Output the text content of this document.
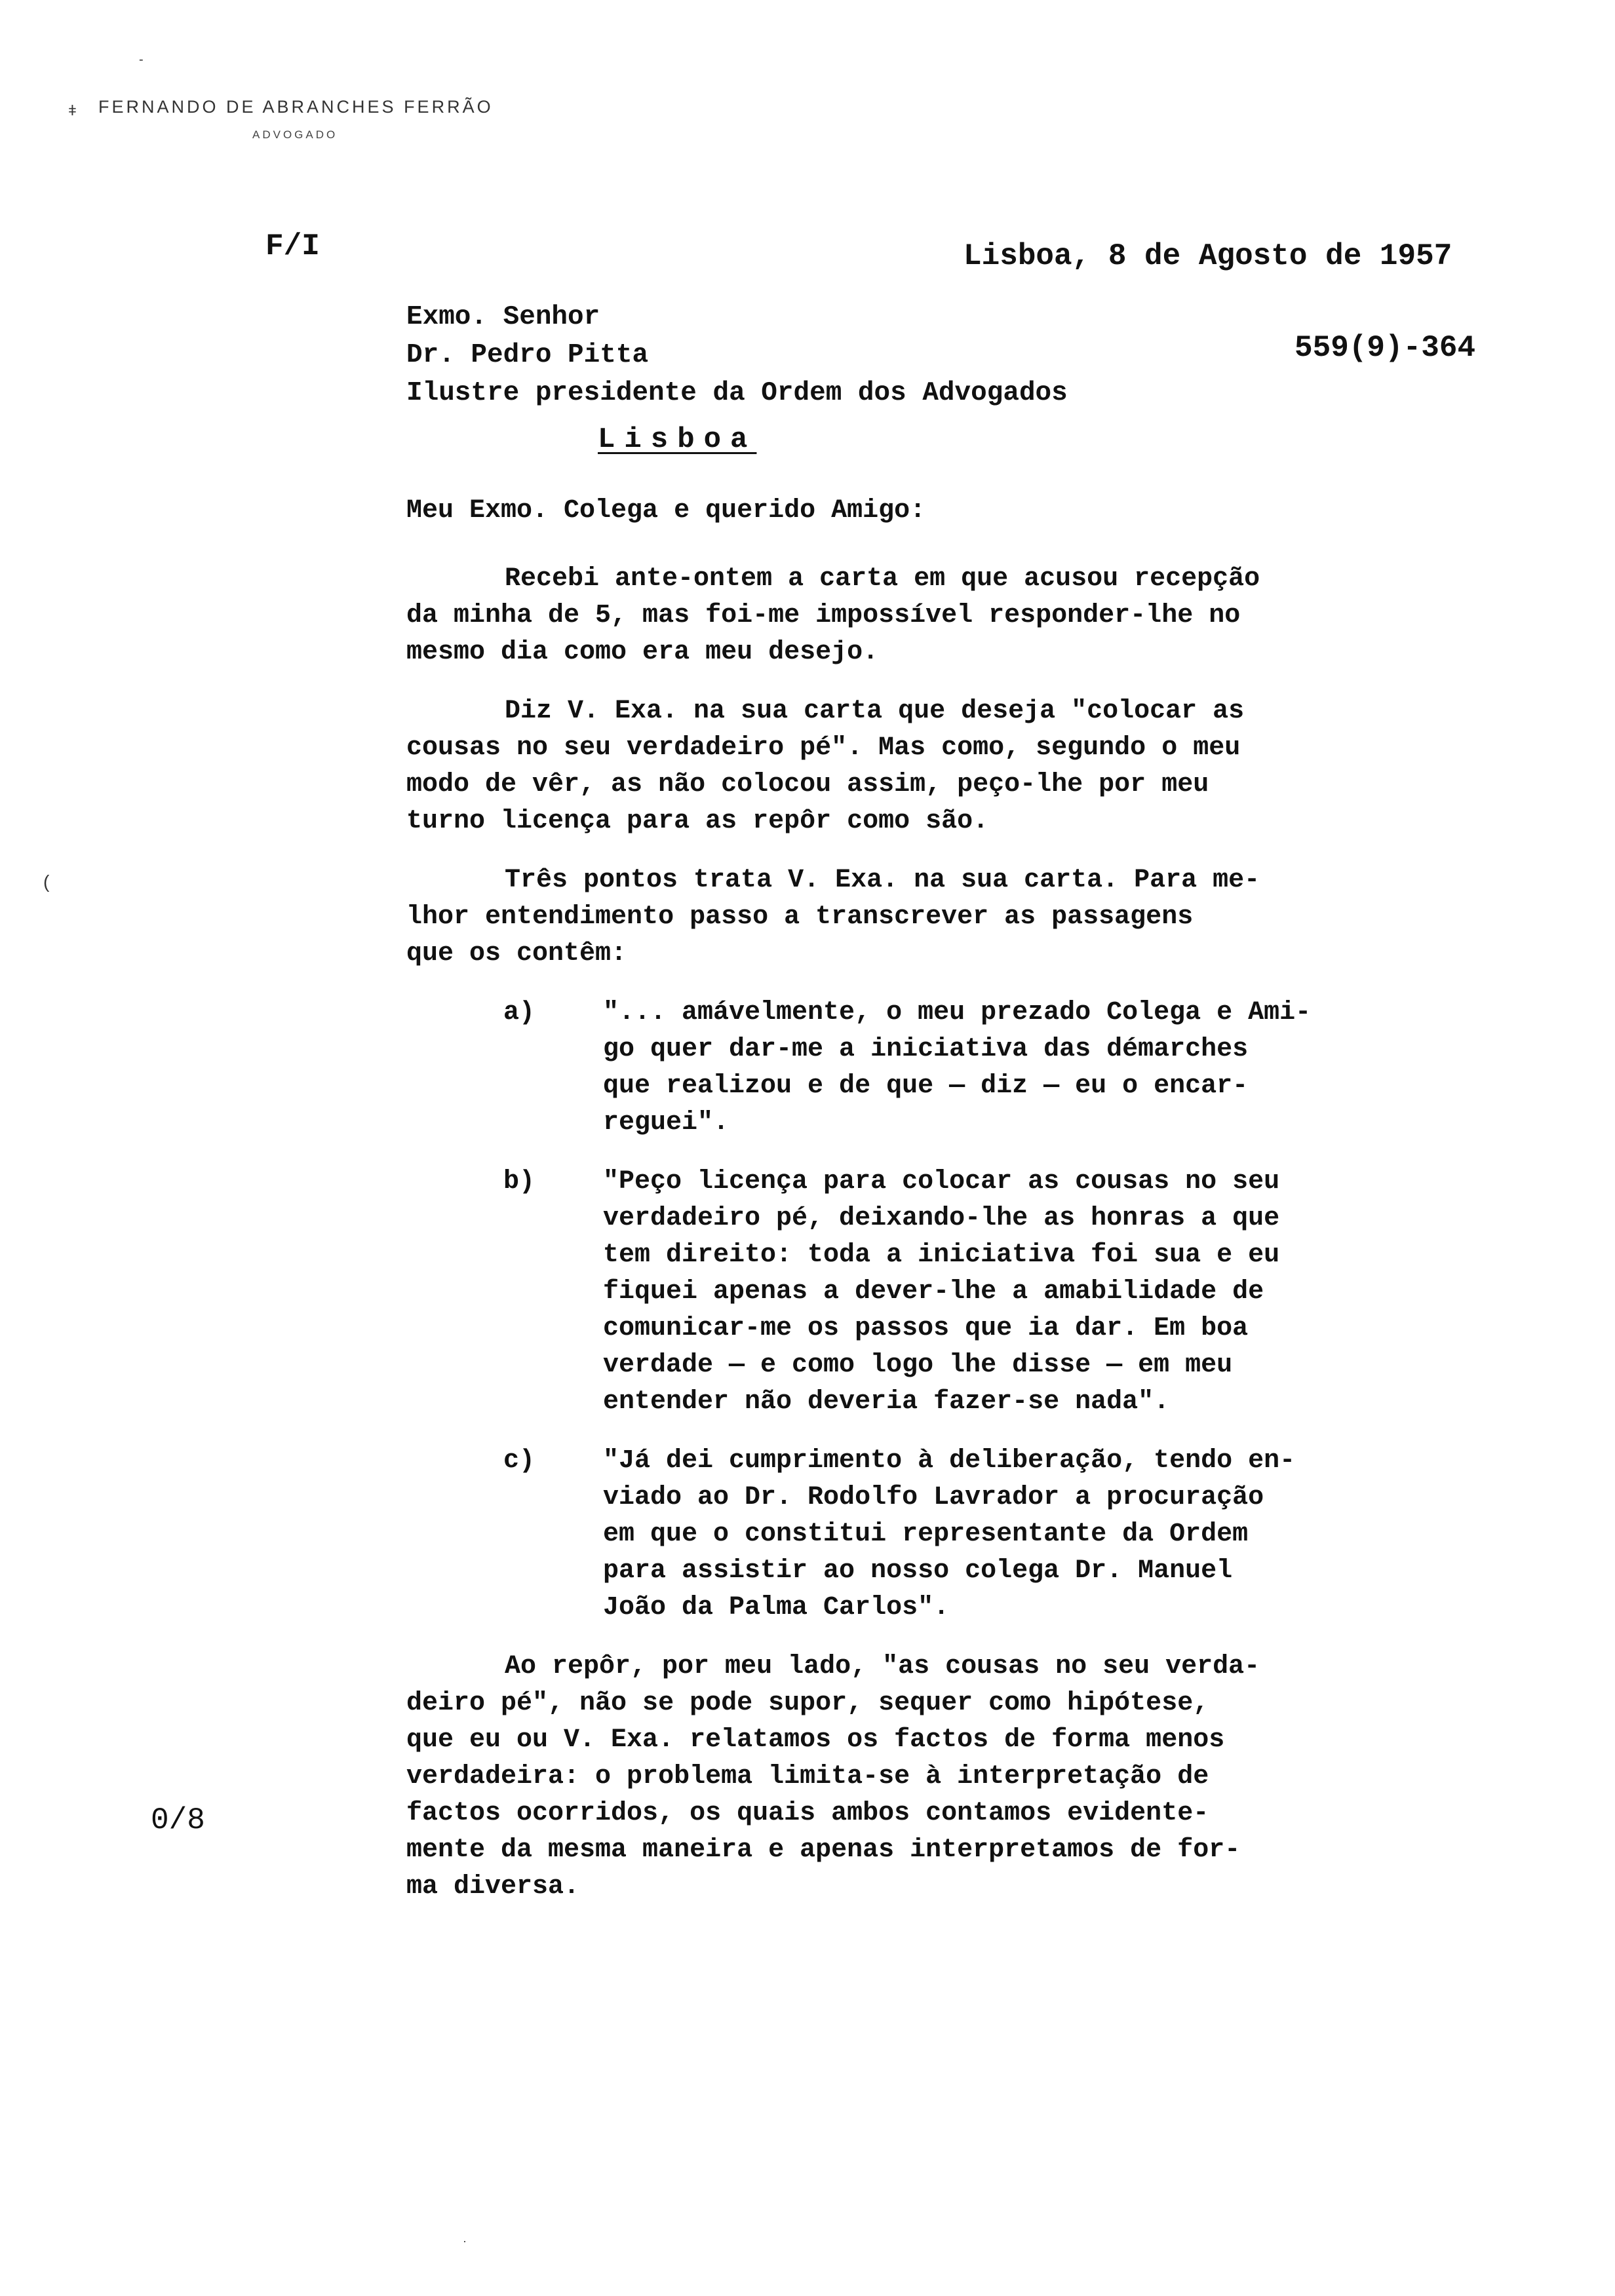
-
ǂ
(
FERNANDO DE ABRANCHES FERRÃO
ADVOGADO
F/I	Lisboa, 8 de Agosto de 1957
Exmo. Senhor
Dr. Pedro Pitta
Ilustre presidente da Ordem dos Advogados
559(9)-364
Lisboa

Meu Exmo. Colega e querido Amigo:

Recebi ante-ontem a carta em que acusou recepção

da minha de 5, mas foi-me impossível responder-lhe no

mesmo dia como era meu desejo.

Diz V. Exa. na sua carta que deseja "colocar as

cousas no seu verdadeiro pé". Mas como, segundo o meu

modo de vêr, as não colocou assim, peço-lhe por meu

turno licença para as repôr como são.

Três pontos trata V. Exa. na sua carta. Para me-

lhor entendimento passo a transcrever as passagens

que os contêm:

a)	"... amávelmente, o meu prezado Colega e Ami-
go quer dar-me a iniciativa das démarches
que realizou e de que — diz — eu o encar-
reguei".
b)	"Peço licença para colocar as cousas no seu
verdadeiro pé, deixando-lhe as honras a que
tem direito: toda a iniciativa foi sua e eu
fiquei apenas a dever-lhe a amabilidade de
comunicar-me os passos que ia dar. Em boa
verdade — e como logo lhe disse — em meu
entender não deveria fazer-se nada".
c)	"Já dei cumprimento à deliberação, tendo en-
viado ao Dr. Rodolfo Lavrador a procuração
em que o constitui representante da Ordem
para assistir ao nosso colega Dr. Manuel
João da Palma Carlos".

Ao repôr, por meu lado, "as cousas no seu verda-

deiro pé", não se pode supor, sequer como hipótese,

que eu ou V. Exa. relatamos os factos de forma menos

verdadeira: o problema limita-se à interpretação de

factos ocorridos, os quais ambos contamos evidente-

mente da mesma maneira e apenas interpretamos de for-

ma diversa.

0/8
·
